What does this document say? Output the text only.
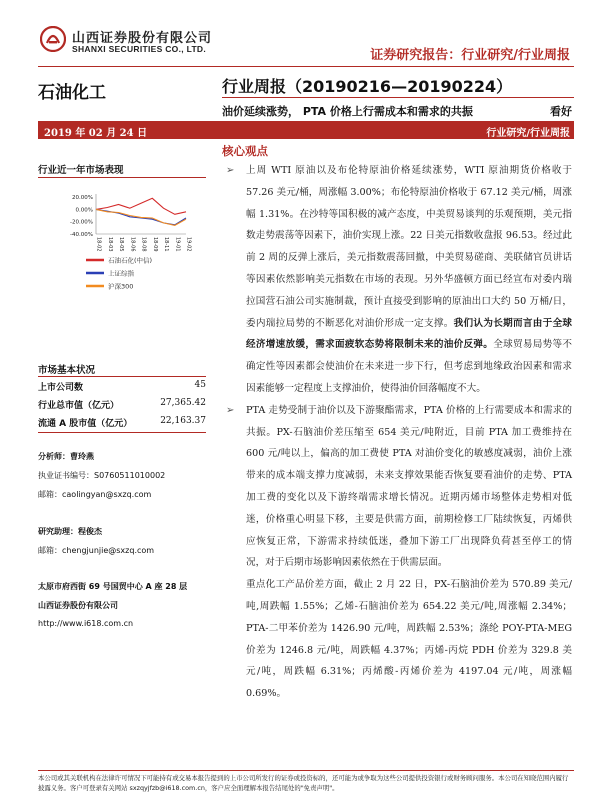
山西证券股份有限公司
SHANXI SECURITIES CO., LTD.	证券研究报告：行业研究/行业周报
石油化工	行业周报（20190216—20190224）
油价延续涨势， PTA 价格上行需成本和需求的共振	看好
2019 年 02 月 24 日	行业研究/行业周报
行业近一年市场表现
20.00%
0.00%
-20.00%
-40.00%
18-02 18-03 18-05 18-06 18-08 18-09 18-11 19-01 19-02
石油石化(中信)
上证综指
沪深300
市场基本状况
上市公司数	45
行业总市值（亿元）	27,365.42
流通 A 股市值（亿元）	22,163.37
分析师：曹玲燕
执业证书编号：S0760511010002
邮箱：caolingyan@sxzq.com
研究助理：程俊杰
邮箱：chengjunjie@sxzq.com
太原市府西街 69 号国贸中心 A 座 28 层
山西证券股份有限公司
http://www.i618.com.cn
核心观点

➢ 上周 WTI 原油以及布伦特原油价格延续涨势，WTI 原油期货价格收于 57.26 美元/桶，周涨幅 3.00%；布伦特原油价格收于 67.12 美元/桶，周涨幅 1.31%。在沙特等国积极的减产态度，中美贸易谈判的乐观预期，美元指数走势震荡等因素下，油价实现上涨。22 日美元指数收盘报 96.53。经过此前 2 周的反弹上涨后，美元指数震荡回撤，中美贸易磋商、美联储官员讲话等因素依然影响美元指数在市场的表现。另外华盛顿方面已经宣布对委内瑞拉国营石油公司实施制裁，预计直接受到影响的原油出口大约 50 万桶/日，委内瑞拉局势的不断恶化对油价形成一定支撑。我们认为长期而言由于全球经济增速放缓，需求面疲软态势将限制未来的油价反弹。全球贸易局势等不确定性等因素都会使油价在未来进一步下行，但考虑到地缘政治因素和需求因素能够一定程度上支撑油价，使得油价回落幅度不大。

➢ PTA 走势受制于油价以及下游聚酯需求，PTA 价格的上行需要成本和需求的共振。PX-石脑油价差压缩至 654 美元/吨附近，目前 PTA 加工费维持在 600 元/吨以上，偏高的加工费使 PTA 对油价变化的敏感度减弱，油价上涨带来的成本端支撑力度减弱，未来支撑效果能否恢复要看油价的走势、PTA 加工费的变化以及下游终端需求增长情况。近期丙烯市场整体走势相对低迷，价格重心明显下移，主要是供需方面，前期检修工厂陆续恢复，丙烯供应恢复正常，下游需求持续低迷，叠加下游工厂出现降负荷甚至停工的情况，对于后期市场影响因素依然在于供需层面。

重点化工产品价差方面，截止 2 月 22 日，PX-石脑油价差为 570.89 美元/吨,周跌幅 1.55%；乙烯-石脑油价差为 654.22 美元/吨,周涨幅 2.34%；PTA-二甲苯价差为 1426.90 元/吨，周跌幅 2.53%；涤纶 POY-PTA-MEG 价差为 1246.8 元/吨，周跌幅 4.37%；丙烯-丙烷 PDH 价差为 329.8 美元/吨，周跌幅 6.31%；丙烯酸-丙烯价差为 4197.04 元/吨，周涨幅 0.69%。

本公司或其关联机构在法律许可情况下可能持有或交易本报告提到的上市公司所发行的证券或投资标的，还可能为或争取为这些公司提供投资银行或财务顾问服务。本公司在知晓范围内履行披露义务。客户可登录有关网站 sxzqyjfzb@i618.com.cn，客户应全面理解本报告结尾处的"免责声明"。
